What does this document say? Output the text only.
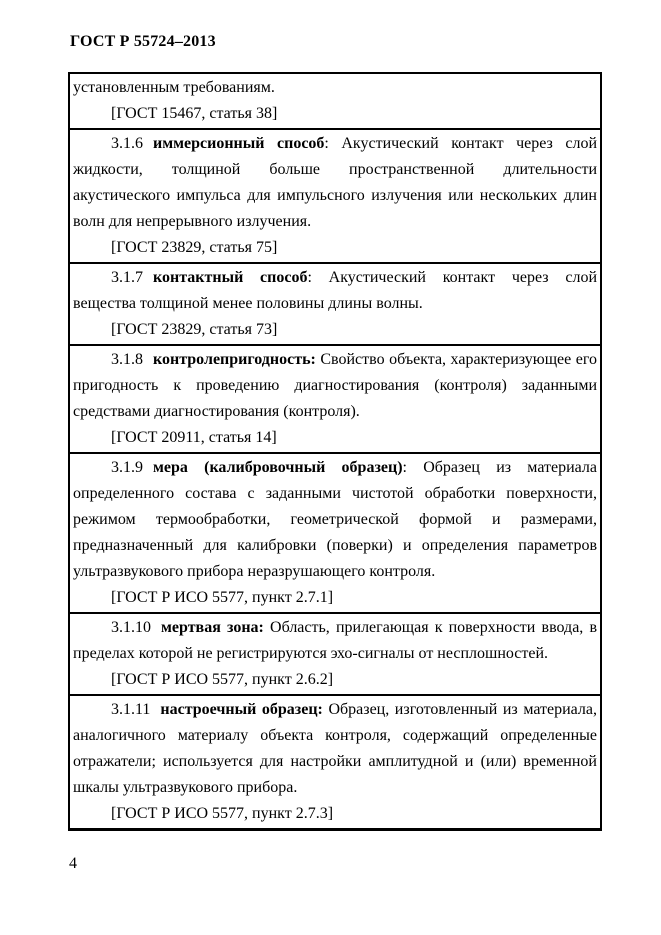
ГОСТ Р 55724–2013

установленным требованиям.

[ГОСТ 15467, статья 38]

3.1.6 иммерсионный способ: Акустический контакт через слой жидкости, толщиной больше пространственной длительности акустического импульса для импульсного излучения или нескольких длин волн для непрерывного излучения.

[ГОСТ 23829, статья 75]

3.1.7 контактный способ: Акустический контакт через слой вещества толщиной менее половины длины волны.

[ГОСТ 23829, статья 73]

3.1.8 контролепригодность: Свойство объекта, характеризующее его пригодность к проведению диагностирования (контроля) заданными средствами диагностирования (контроля).

[ГОСТ 20911, статья 14]

3.1.9 мера (калибровочный образец): Образец из материала определенного состава с заданными чистотой обработки поверхности, режимом термообработки, геометрической формой и размерами, предназначенный для калибровки (поверки) и определения параметров ультразвукового прибора неразрушающего контроля.

[ГОСТ Р ИСО 5577, пункт 2.7.1]

3.1.10 мертвая зона: Область, прилегающая к поверхности ввода, в пределах которой не регистрируются эхо-сигналы от несплошностей.

[ГОСТ Р ИСО 5577, пункт 2.6.2]

3.1.11 настроечный образец: Образец, изготовленный из материала, аналогичного материалу объекта контроля, содержащий определенные отражатели; используется для настройки амплитудной и (или) временной шкалы ультразвукового прибора.

[ГОСТ Р ИСО 5577, пункт 2.7.3]

4
